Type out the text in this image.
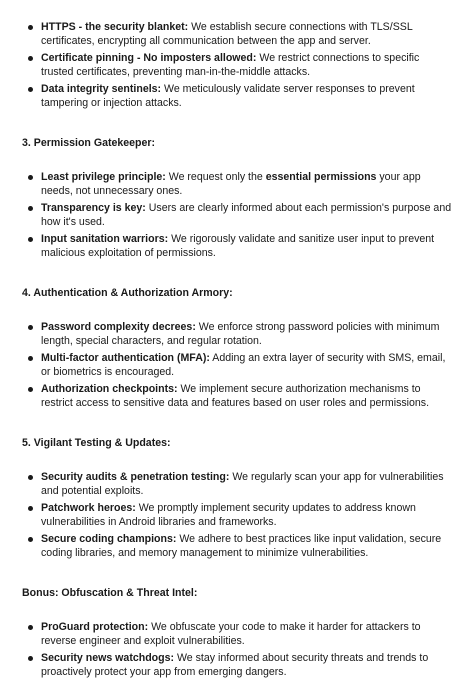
HTTPS - the security blanket: We establish secure connections with TLS/SSL certificates, encrypting all communication between the app and server.
Certificate pinning - No imposters allowed: We restrict connections to specific trusted certificates, preventing man-in-the-middle attacks.
Data integrity sentinels: We meticulously validate server responses to prevent tampering or injection attacks.
3. Permission Gatekeeper:
Least privilege principle: We request only the essential permissions your app needs, not unnecessary ones.
Transparency is key: Users are clearly informed about each permission's purpose and how it's used.
Input sanitation warriors: We rigorously validate and sanitize user input to prevent malicious exploitation of permissions.
4. Authentication & Authorization Armory:
Password complexity decrees: We enforce strong password policies with minimum length, special characters, and regular rotation.
Multi-factor authentication (MFA): Adding an extra layer of security with SMS, email, or biometrics is encouraged.
Authorization checkpoints: We implement secure authorization mechanisms to restrict access to sensitive data and features based on user roles and permissions.
5. Vigilant Testing & Updates:
Security audits & penetration testing: We regularly scan your app for vulnerabilities and potential exploits.
Patchwork heroes: We promptly implement security updates to address known vulnerabilities in Android libraries and frameworks.
Secure coding champions: We adhere to best practices like input validation, secure coding libraries, and memory management to minimize vulnerabilities.
Bonus: Obfuscation & Threat Intel:
ProGuard protection: We obfuscate your code to make it harder for attackers to reverse engineer and exploit vulnerabilities.
Security news watchdogs: We stay informed about security threats and trends to proactively protect your app from emerging dangers.
